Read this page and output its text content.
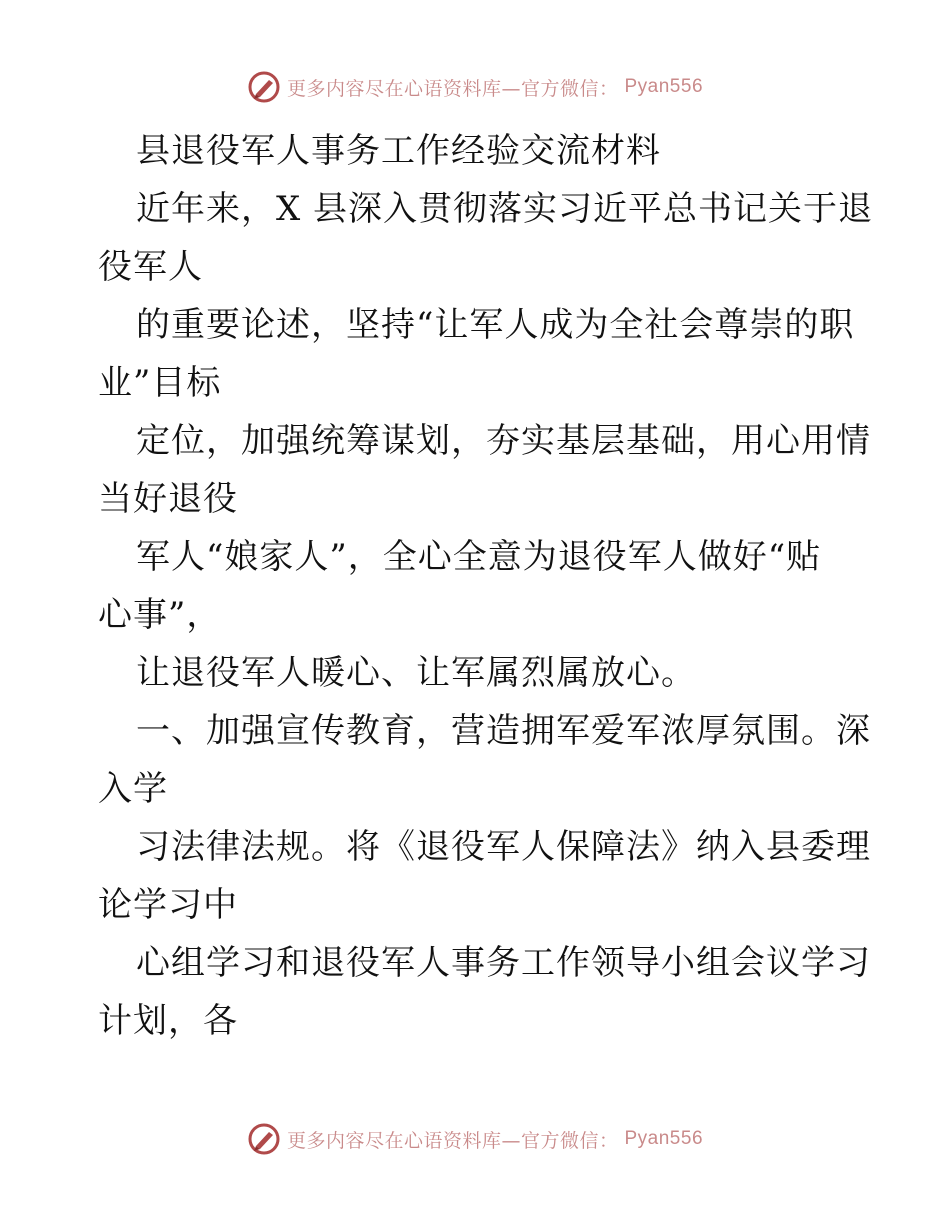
更多内容尽在心语资料库—官方微信： Pyan556
县退役军人事务工作经验交流材料
近年来，X 县深入贯彻落实习近平总书记关于退
役军人
的重要论述，坚持“让军人成为全社会尊崇的职
业”目标
定位，加强统筹谋划，夯实基层基础，用心用情
当好退役
军人“娘家人”，全心全意为退役军人做好“贴
心事”，
让退役军人暖心、让军属烈属放心。
一、加强宣传教育，营造拥军爱军浓厚氛围。深
入学
习法律法规。将《退役军人保障法》纳入县委理
论学习中
心组学习和退役军人事务工作领导小组会议学习
计划，各
更多内容尽在心语资料库—官方微信： Pyan556
